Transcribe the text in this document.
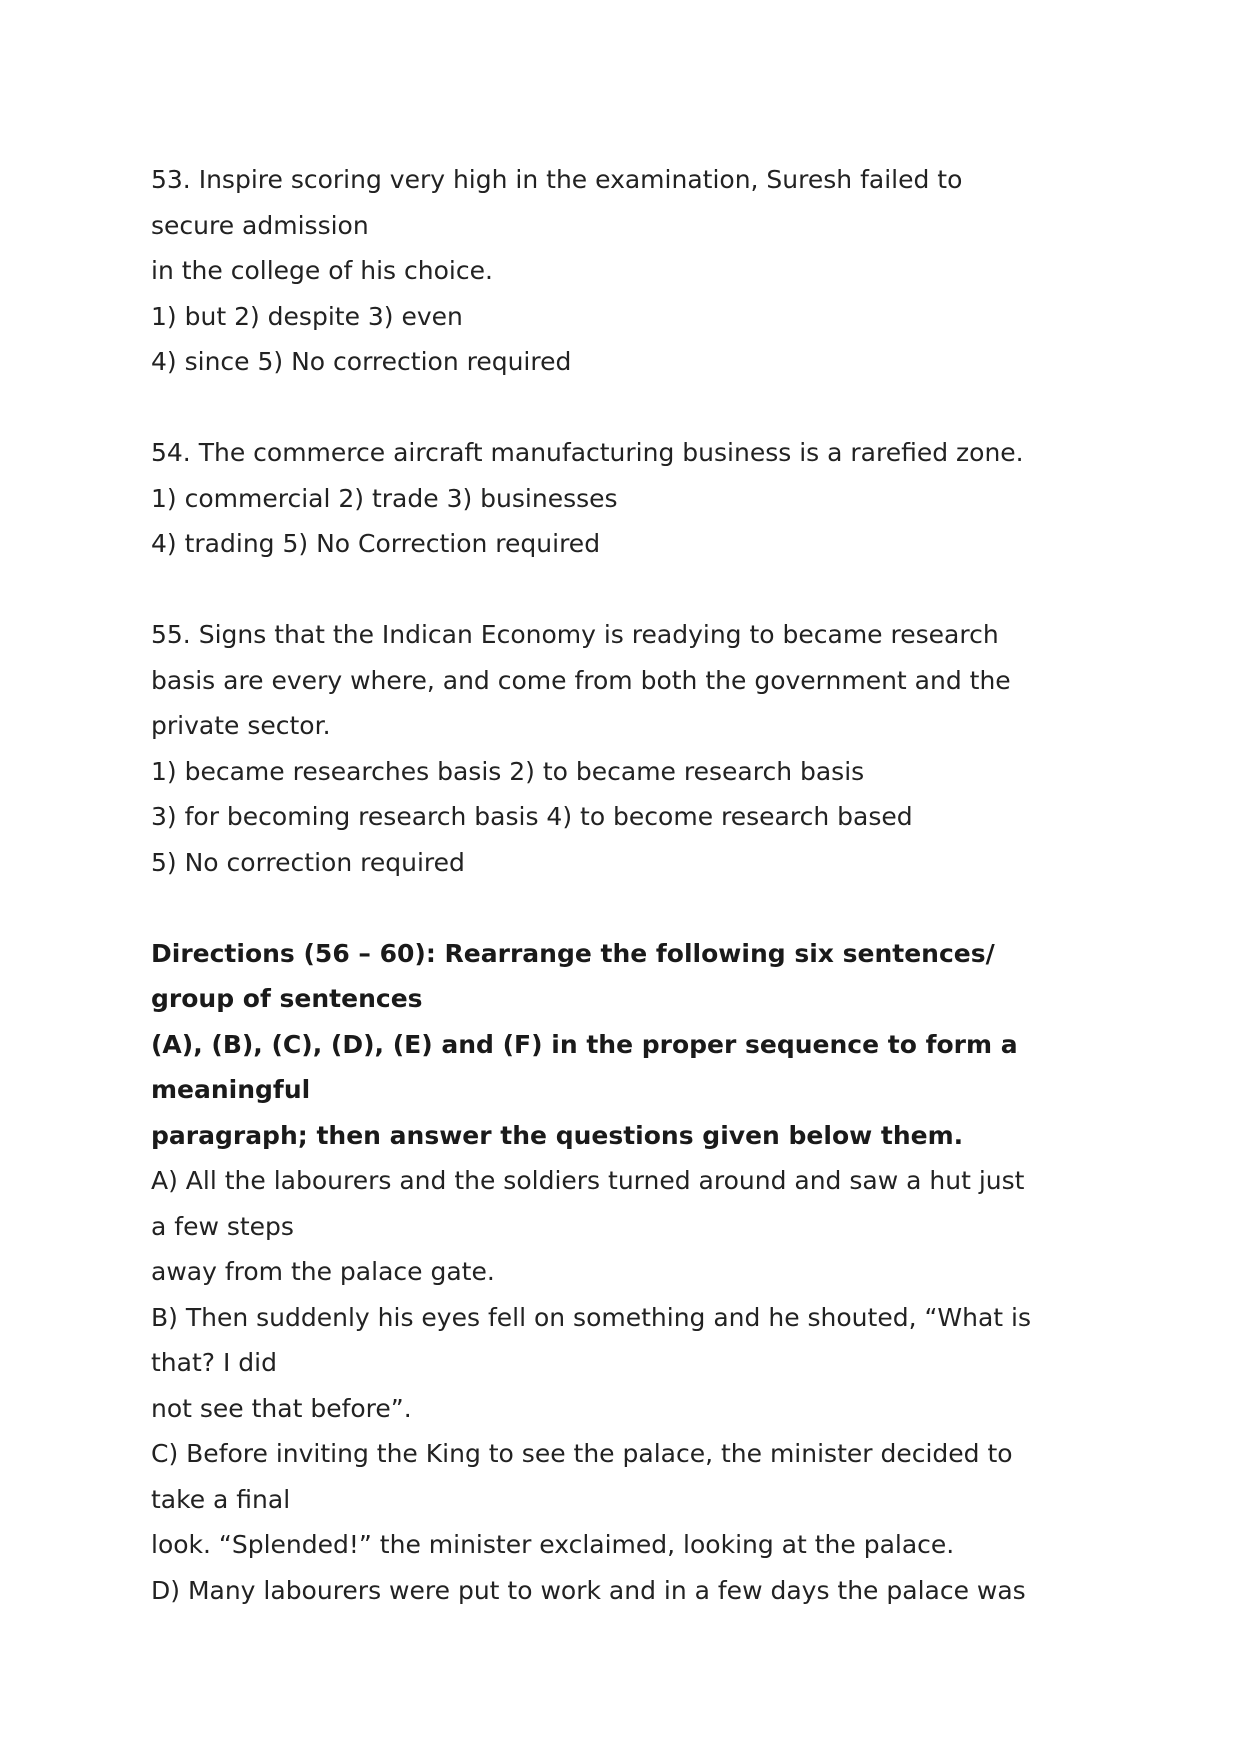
53. Inspire scoring very high in the examination, Suresh failed to
secure admission
in the college of his choice.
1) but 2) despite 3) even
4) since 5) No correction required
54. The commerce aircraft manufacturing business is a rarefied zone.
1) commercial 2) trade 3) businesses
4) trading 5) No Correction required
55. Signs that the Indican Economy is readying to became research
basis are every where, and come from both the government and the
private sector.
1) became researches basis 2) to became research basis
3) for becoming research basis 4) to become research based
5) No correction required
Directions (56 – 60): Rearrange the following six sentences/
group of sentences
(A), (B), (C), (D), (E) and (F) in the proper sequence to form a
meaningful
paragraph; then answer the questions given below them.
A) All the labourers and the soldiers turned around and saw a hut just
a few steps
away from the palace gate.
B) Then suddenly his eyes fell on something and he shouted, “What is
that? I did
not see that before”.
C) Before inviting the King to see the palace, the minister decided to
take a final
look. “Splended!” the minister exclaimed, looking at the palace.
D) Many labourers were put to work and in a few days the palace was
